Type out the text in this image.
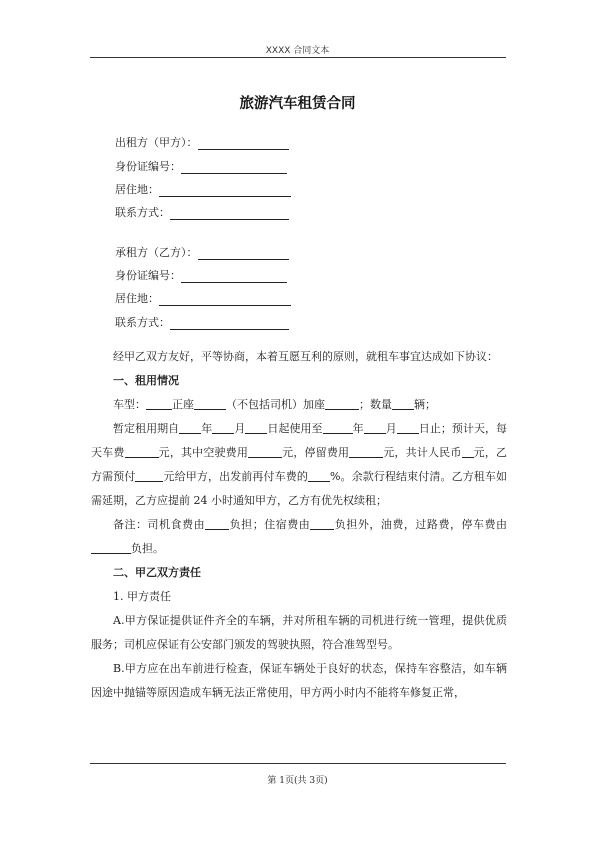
XXXX 合同文本
旅游汽车租赁合同
出租方（甲方）：
身份证编号：
居住地：
联系方式：
承租方（乙方）：
身份证编号：
居住地：
联系方式：

经甲乙双方友好，平等协商，本着互愿互利的原则，就租车事宜达成如下协议：

一、租用情况

车型： 正座	（不包括司机）加座	；数量 辆；

暂定租用期自 年 月 日起使用至	年 月 日止；预计天，每天车费	元，其中空驶费用	元，停留费用	元，共计人民币 元，乙方需预付	元给甲方，出发前再付车费的 %。余款行程结束付清。乙方租车如需延期，乙方应提前 24 小时通知甲方，乙方有优先权续租；

备注：司机食费由 负担；住宿费由 负担外，油费，过路费，停车费由负担。

二、甲乙双方责任

1. 甲方责任

A.甲方保证提供证件齐全的车辆，并对所租车辆的司机进行统一管理，提供优质服务；司机应保证有公安部门颁发的驾驶执照，符合准驾型号。

B.甲方应在出车前进行检查，保证车辆处于良好的状态，保持车容整洁，如车辆因途中抛锚等原因造成车辆无法正常使用，甲方两小时内不能将车修复正常，

第 1页(共 3页)
